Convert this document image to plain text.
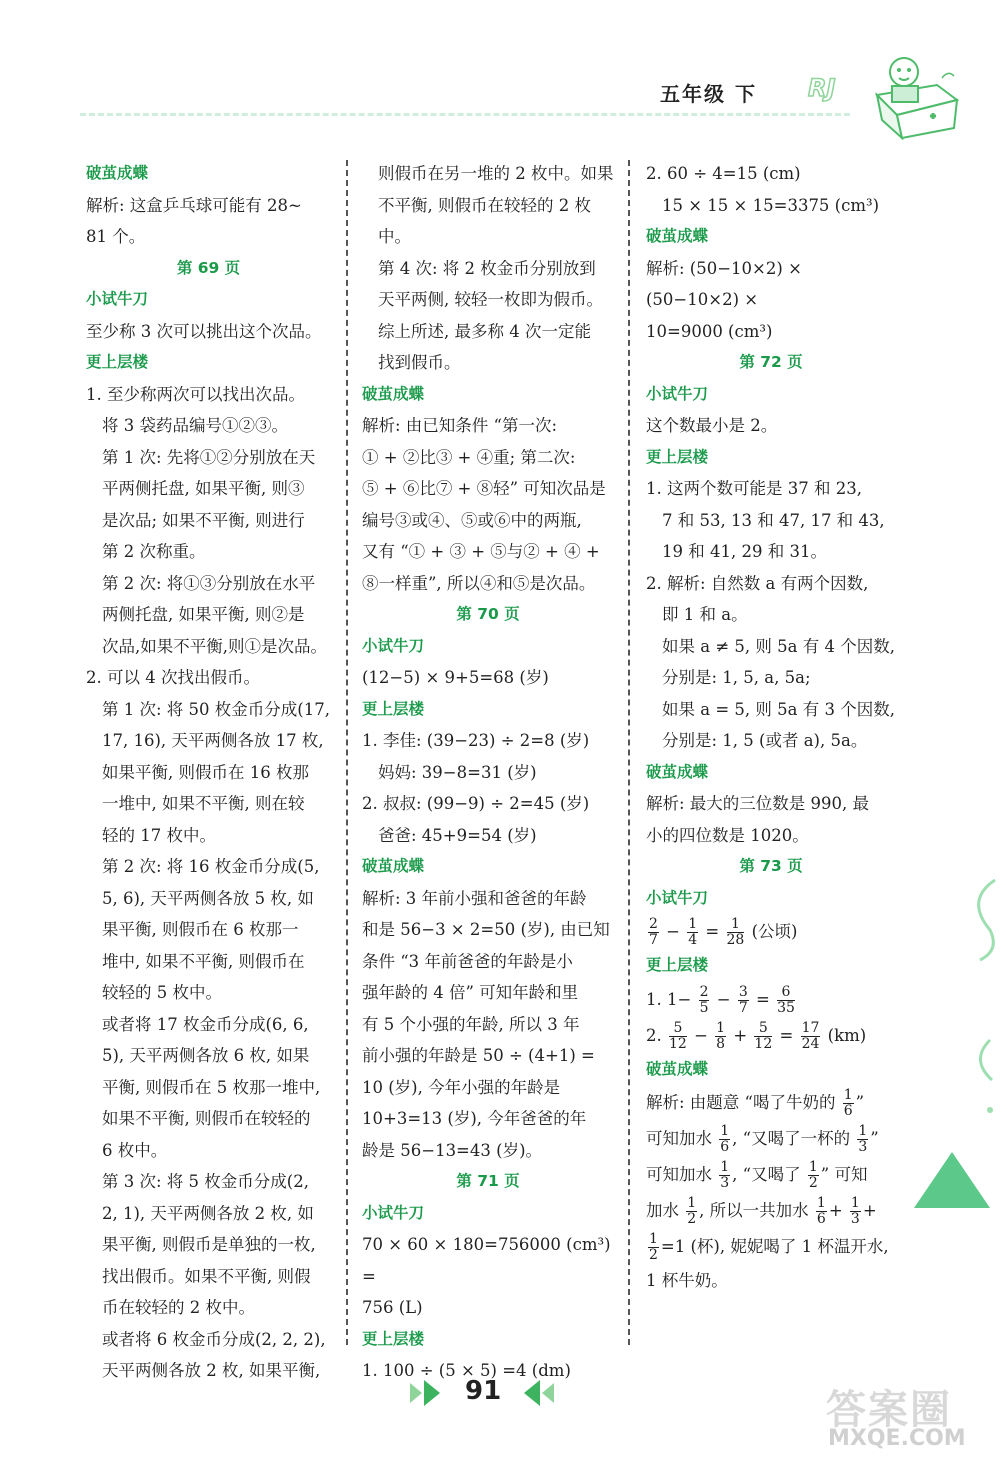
五年级 下 RJ

破茧成蝶

解析: 这盒乒乓球可能有 28~

81 个。

第 69 页

小试牛刀

至少称 3 次可以挑出这个次品。

更上层楼

1. 至少称两次可以找出次品。

将 3 袋药品编号①②③。

第 1 次: 先将①②分别放在天

平两侧托盘, 如果平衡, 则③

是次品; 如果不平衡, 则进行

第 2 次称重。

第 2 次: 将①③分别放在水平

两侧托盘, 如果平衡, 则②是

次品,如果不平衡,则①是次品。

2. 可以 4 次找出假币。

第 1 次: 将 50 枚金币分成(17,

17, 16), 天平两侧各放 17 枚,

如果平衡, 则假币在 16 枚那

一堆中, 如果不平衡, 则在较

轻的 17 枚中。

第 2 次: 将 16 枚金币分成(5,

5, 6), 天平两侧各放 5 枚, 如

果平衡, 则假币在 6 枚那一

堆中, 如果不平衡, 则假币在

较轻的 5 枚中。

或者将 17 枚金币分成(6, 6,

5), 天平两侧各放 6 枚, 如果

平衡, 则假币在 5 枚那一堆中,

如果不平衡, 则假币在较轻的

6 枚中。

第 3 次: 将 5 枚金币分成(2,

2, 1), 天平两侧各放 2 枚, 如

果平衡, 则假币是单独的一枚,

找出假币。如果不平衡, 则假

币在较轻的 2 枚中。

或者将 6 枚金币分成(2, 2, 2),

天平两侧各放 2 枚, 如果平衡,

则假币在另一堆的 2 枚中。如果

不平衡, 则假币在较轻的 2 枚中。

第 4 次: 将 2 枚金币分别放到

天平两侧, 较轻一枚即为假币。

综上所述, 最多称 4 次一定能

找到假币。

破茧成蝶

解析: 由已知条件 “第一次:

① + ②比③ + ④重; 第二次:

⑤ + ⑥比⑦ + ⑧轻” 可知次品是

编号③或④、⑤或⑥中的两瓶,

又有 “① + ③ + ⑤与② + ④ +

⑧一样重”, 所以④和⑤是次品。

第 70 页

小试牛刀

(12−5) × 9+5=68 (岁)

更上层楼

1. 李佳: (39−23) ÷ 2=8 (岁)

妈妈: 39−8=31 (岁)

2. 叔叔: (99−9) ÷ 2=45 (岁)

爸爸: 45+9=54 (岁)

破茧成蝶

解析: 3 年前小强和爸爸的年龄

和是 56−3 × 2=50 (岁), 由已知

条件 “3 年前爸爸的年龄是小

强年龄的 4 倍” 可知年龄和里

有 5 个小强的年龄, 所以 3 年

前小强的年龄是 50 ÷ (4+1) =

10 (岁), 今年小强的年龄是

10+3=13 (岁), 今年爸爸的年

龄是 56−13=43 (岁)。

第 71 页

小试牛刀

70 × 60 × 180=756000 (cm³) =

756 (L)

更上层楼

1. 100 ÷ (5 × 5) =4 (dm)

2. 60 ÷ 4=15 (cm)

15 × 15 × 15=3375 (cm³)

破茧成蝶

解析: (50−10×2) × (50−10×2) ×

10=9000 (cm³)

第 72 页

小试牛刀

这个数最小是 2。

更上层楼

1. 这两个数可能是 37 和 23,

7 和 53, 13 和 47, 17 和 43,

19 和 41, 29 和 31。

2. 解析: 自然数 a 有两个因数,

即 1 和 a。

如果 a ≠ 5, 则 5a 有 4 个因数,

分别是: 1, 5, a, 5a;

如果 a = 5, 则 5a 有 3 个因数,

分别是: 1, 5 (或者 a), 5a。

破茧成蝶

解析: 最大的三位数是 990, 最

小的四位数是 1020。

第 73 页

小试牛刀

$\frac{2}{7} - \frac{1}{4} = \frac{1}{28}$ (公顷)

更上层楼

1. $1- \frac{2}{5} - \frac{3}{7} = \frac{6}{35}$

2. $\frac{5}{12} - \frac{1}{8} + \frac{5}{12} = \frac{17}{24} (km)$

破茧成蝶

解析: 由题意 “喝了牛奶的 $\frac{1}{6}$ ”

可知加水 $\frac{1}{6}$ , “又喝了一杯的 $\frac{1}{3}$ ”

可知加水 $\frac{1}{3}$ , “又喝了 $\frac{1}{2}$ ” 可知

加水 $\frac{1}{2}$ , 所以一共加水 $\frac{1}{6} + \frac{1}{3}$ +

$\frac{1}{2} =1$ (杯), 妮妮喝了 1 杯温开水,

1 杯牛奶。

91	答案圈
MXQE.COM
